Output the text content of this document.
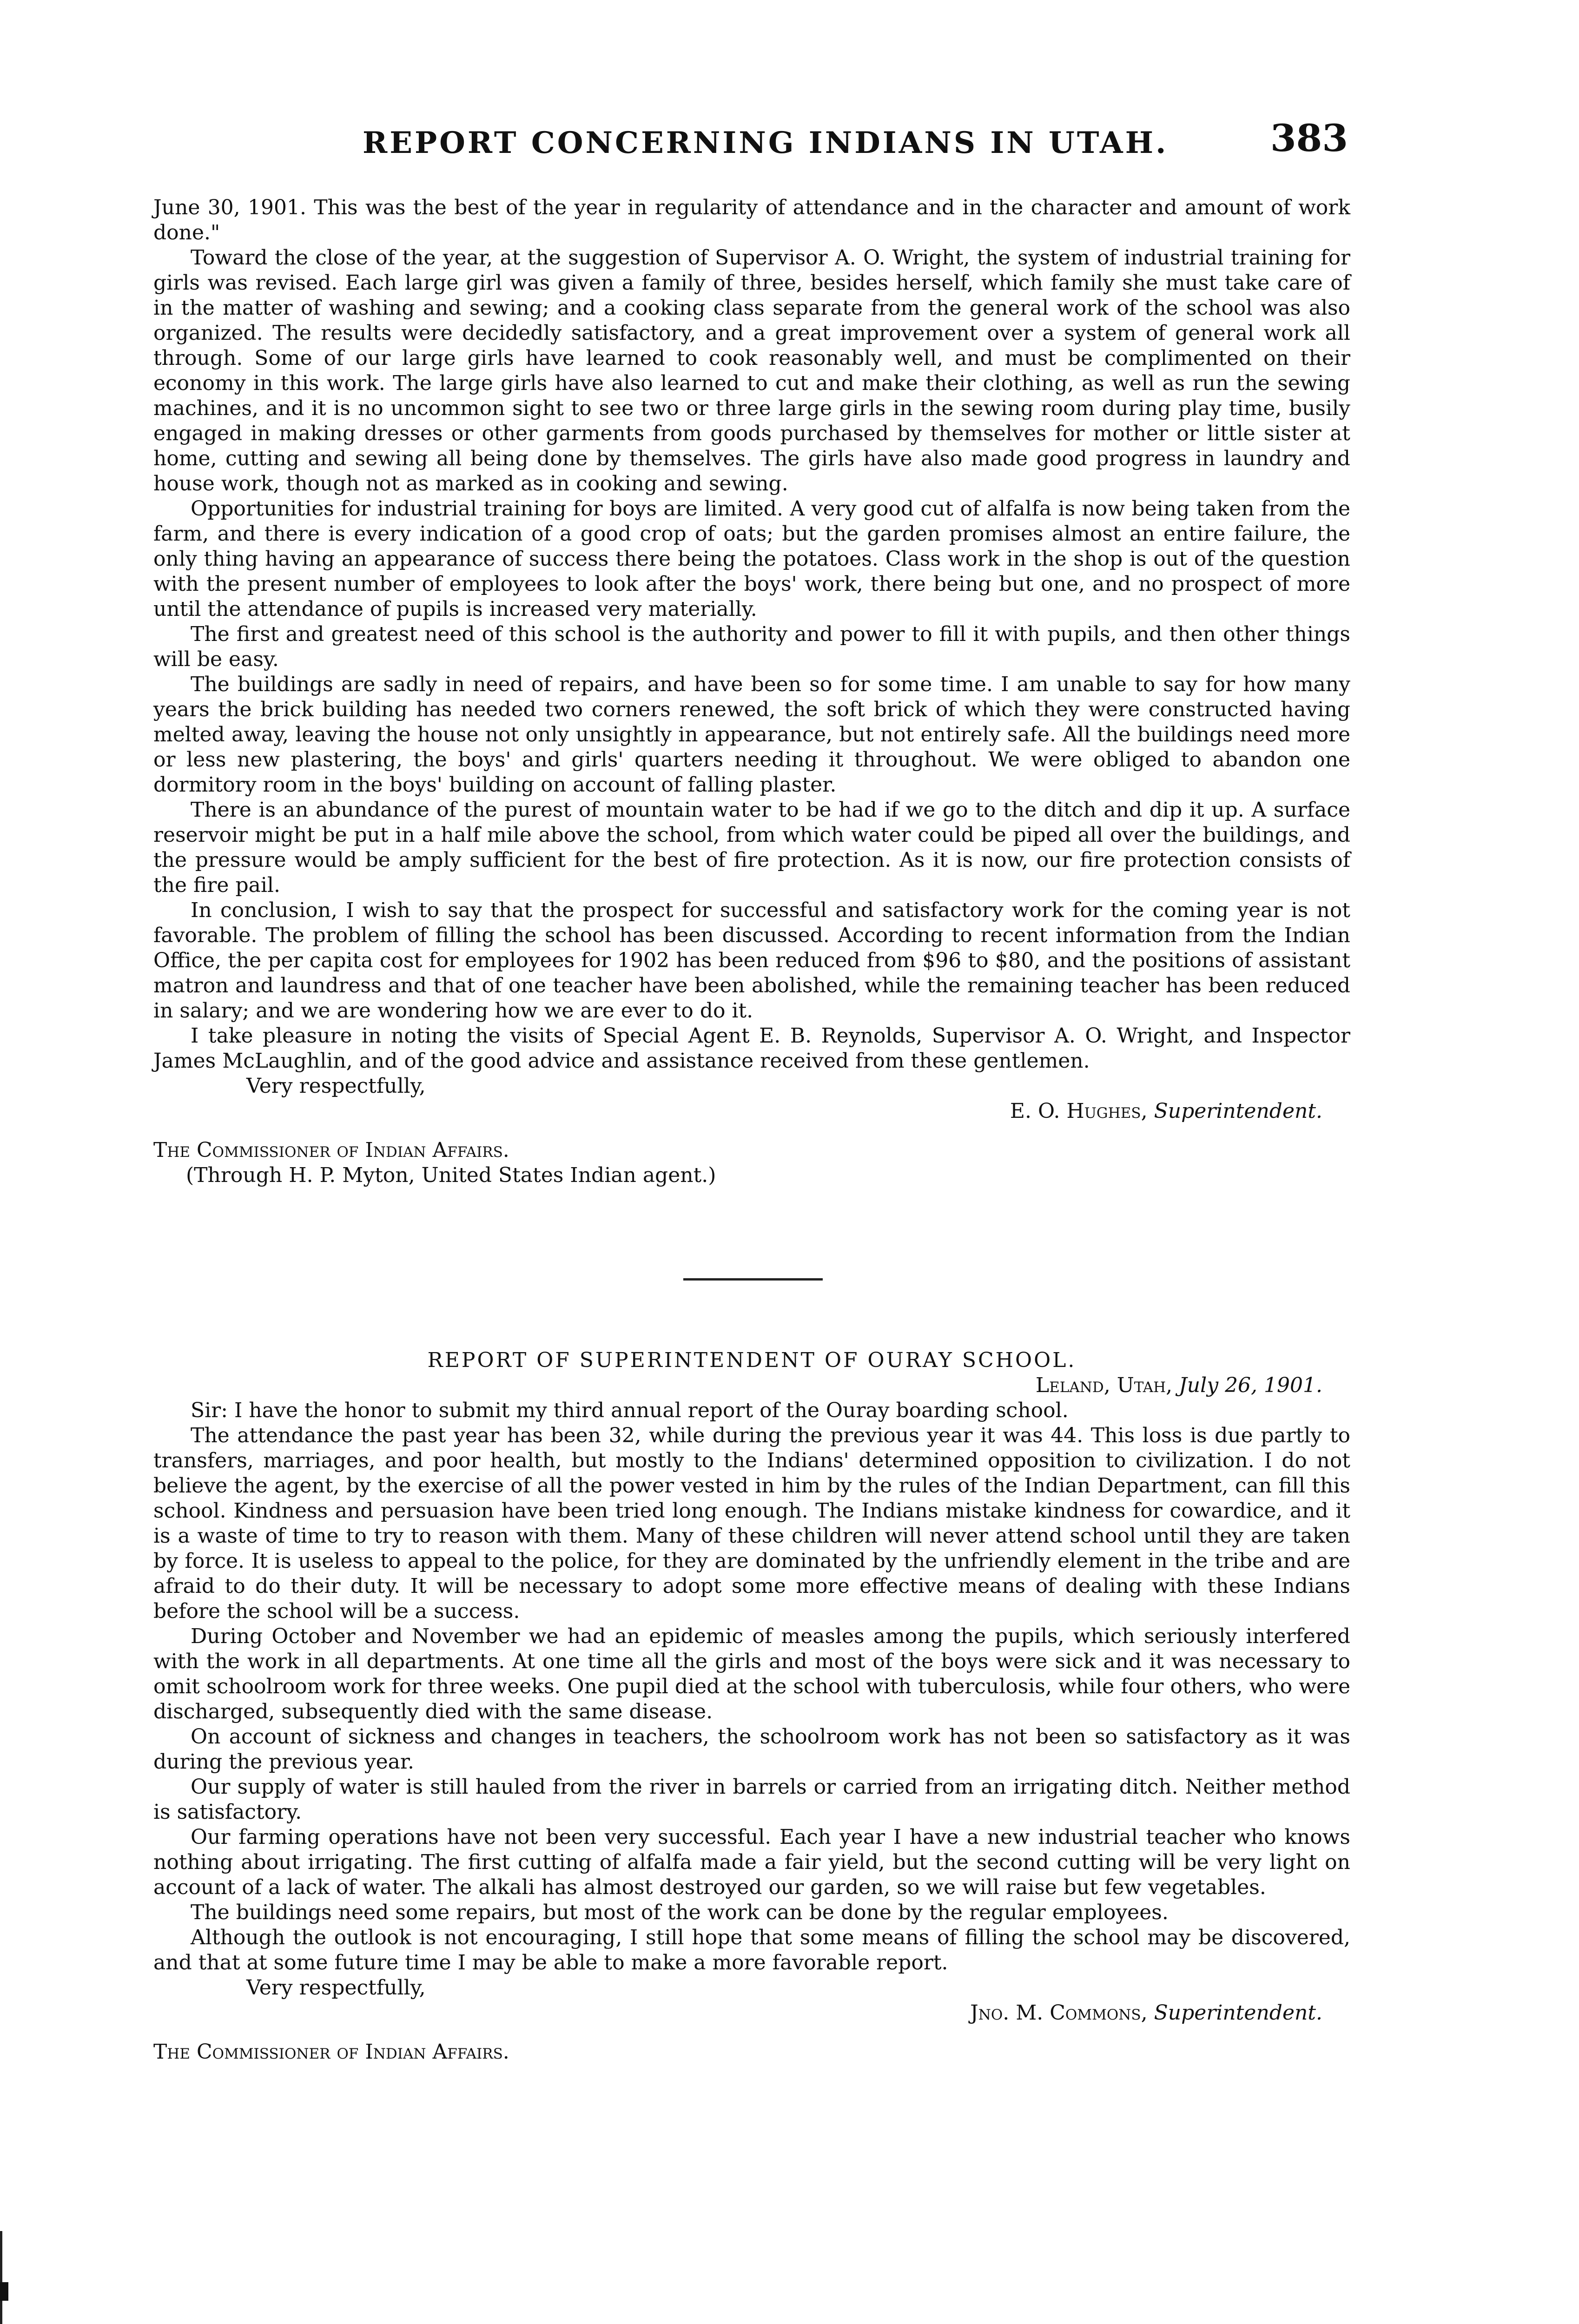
REPORT CONCERNING INDIANS IN UTAH.	383

June 30, 1901. This was the best of the year in regularity of attendance and in the character and amount of work done."

Toward the close of the year, at the suggestion of Supervisor A. O. Wright, the system of industrial training for girls was revised. Each large girl was given a family of three, besides herself, which family she must take care of in the matter of washing and sewing; and a cooking class separate from the general work of the school was also organized. The results were decidedly satisfactory, and a great improvement over a system of general work all through. Some of our large girls have learned to cook reasonably well, and must be complimented on their economy in this work. The large girls have also learned to cut and make their clothing, as well as run the sewing machines, and it is no uncommon sight to see two or three large girls in the sewing room during play time, busily engaged in making dresses or other garments from goods purchased by themselves for mother or little sister at home, cutting and sewing all being done by themselves. The girls have also made good progress in laundry and house work, though not as marked as in cooking and sewing.

Opportunities for industrial training for boys are limited. A very good cut of alfalfa is now being taken from the farm, and there is every indication of a good crop of oats; but the garden promises almost an entire failure, the only thing having an appearance of success there being the potatoes. Class work in the shop is out of the question with the present number of employees to look after the boys' work, there being but one, and no prospect of more until the attendance of pupils is increased very materially.

The first and greatest need of this school is the authority and power to fill it with pupils, and then other things will be easy.

The buildings are sadly in need of repairs, and have been so for some time. I am unable to say for how many years the brick building has needed two corners renewed, the soft brick of which they were constructed having melted away, leaving the house not only unsightly in appearance, but not entirely safe. All the buildings need more or less new plastering, the boys' and girls' quarters needing it throughout. We were obliged to abandon one dormitory room in the boys' building on account of falling plaster.

There is an abundance of the purest of mountain water to be had if we go to the ditch and dip it up. A surface reservoir might be put in a half mile above the school, from which water could be piped all over the buildings, and the pressure would be amply sufficient for the best of fire protection. As it is now, our fire protection consists of the fire pail.

In conclusion, I wish to say that the prospect for successful and satisfactory work for the coming year is not favorable. The problem of filling the school has been discussed. According to recent information from the Indian Office, the per capita cost for employees for 1902 has been reduced from $96 to $80, and the positions of assistant matron and laundress and that of one teacher have been abolished, while the remaining teacher has been reduced in salary; and we are wondering how we are ever to do it.

I take pleasure in noting the visits of Special Agent E. B. Reynolds, Supervisor A. O. Wright, and Inspector James McLaughlin, and of the good advice and assistance received from these gentlemen.

Very respectfully,

E. O. Hughes, Superintendent.

The Commissioner of Indian Affairs.

(Through H. P. Myton, United States Indian agent.)

REPORT OF SUPERINTENDENT OF OURAY SCHOOL.

Leland, Utah, July 26, 1901.

Sir: I have the honor to submit my third annual report of the Ouray boarding school.

The attendance the past year has been 32, while during the previous year it was 44. This loss is due partly to transfers, marriages, and poor health, but mostly to the Indians' determined opposition to civilization. I do not believe the agent, by the exercise of all the power vested in him by the rules of the Indian Department, can fill this school. Kindness and persuasion have been tried long enough. The Indians mistake kindness for cowardice, and it is a waste of time to try to reason with them. Many of these children will never attend school until they are taken by force. It is useless to appeal to the police, for they are dominated by the unfriendly element in the tribe and are afraid to do their duty. It will be necessary to adopt some more effective means of dealing with these Indians before the school will be a success.

During October and November we had an epidemic of measles among the pupils, which seriously interfered with the work in all departments. At one time all the girls and most of the boys were sick and it was necessary to omit schoolroom work for three weeks. One pupil died at the school with tuberculosis, while four others, who were discharged, subsequently died with the same disease.

On account of sickness and changes in teachers, the schoolroom work has not been so satisfactory as it was during the previous year.

Our supply of water is still hauled from the river in barrels or carried from an irrigating ditch. Neither method is satisfactory.

Our farming operations have not been very successful. Each year I have a new industrial teacher who knows nothing about irrigating. The first cutting of alfalfa made a fair yield, but the second cutting will be very light on account of a lack of water. The alkali has almost destroyed our garden, so we will raise but few vegetables.

The buildings need some repairs, but most of the work can be done by the regular employees.

Although the outlook is not encouraging, I still hope that some means of filling the school may be discovered, and that at some future time I may be able to make a more favorable report.

Very respectfully,

Jno. M. Commons, Superintendent.

The Commissioner of Indian Affairs.
